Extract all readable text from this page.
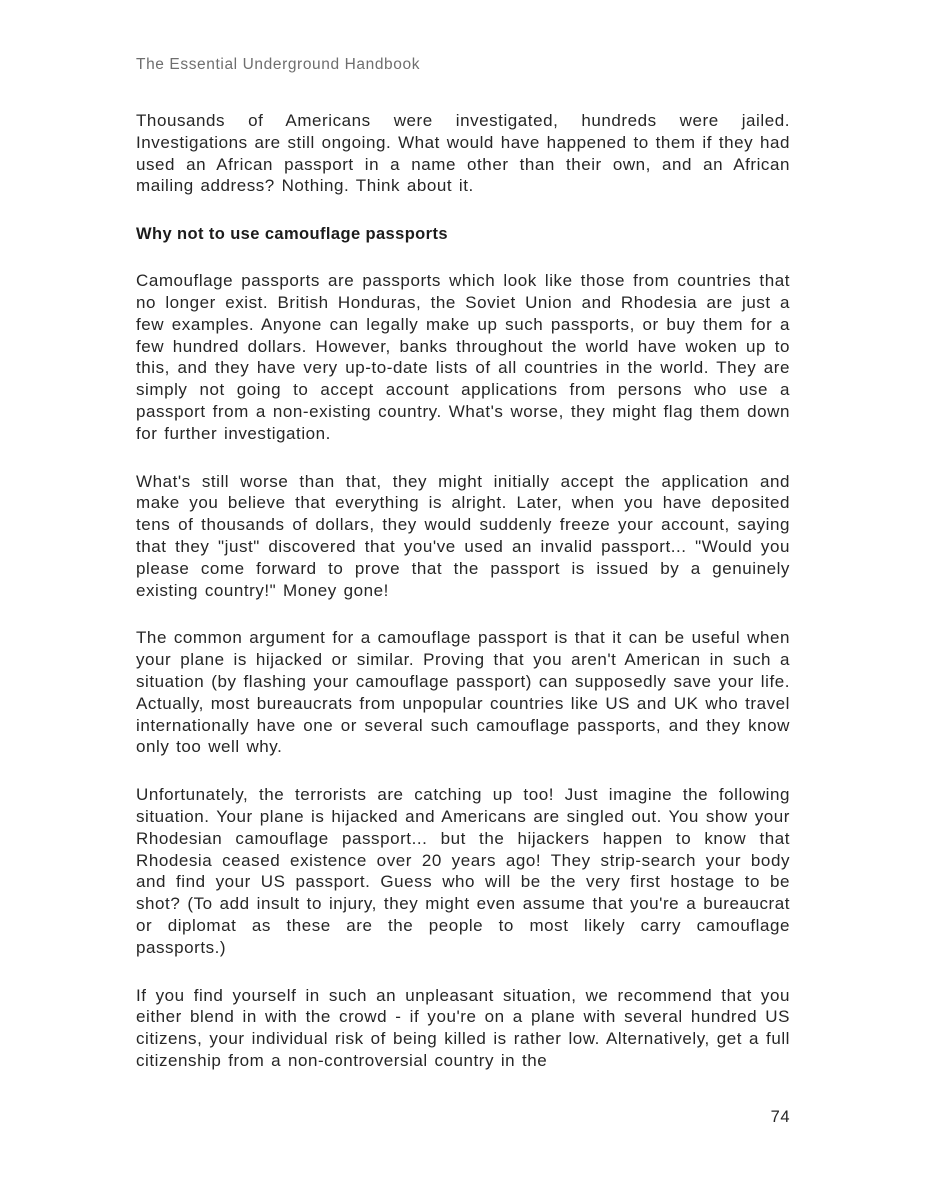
The Essential Underground Handbook

Thousands of Americans were investigated, hundreds were jailed. Investigations are still ongoing. What would have happened to them if they had used an African passport in a name other than their own, and an African mailing address? Nothing. Think about it.

Why not to use camouflage passports

Camouflage passports are passports which look like those from countries that no longer exist. British Honduras, the Soviet Union and Rhodesia are just a few examples. Anyone can legally make up such passports, or buy them for a few hundred dollars. However, banks throughout the world have woken up to this, and they have very up-to-date lists of all countries in the world. They are simply not going to accept account applications from persons who use a passport from a non-existing country. What's worse, they might flag them down for further investigation.

What's still worse than that, they might initially accept the application and make you believe that everything is alright. Later, when you have deposited tens of thousands of dollars, they would suddenly freeze your account, saying that they "just" discovered that you've used an invalid passport... "Would you please come forward to prove that the passport is issued by a genuinely existing country!" Money gone!

The common argument for a camouflage passport is that it can be useful when your plane is hijacked or similar. Proving that you aren't American in such a situation (by flashing your camouflage passport) can supposedly save your life. Actually, most bureaucrats from unpopular countries like US and UK who travel internationally have one or several such camouflage passports, and they know only too well why.

Unfortunately, the terrorists are catching up too! Just imagine the following situation. Your plane is hijacked and Americans are singled out. You show your Rhodesian camouflage passport... but the hijackers happen to know that Rhodesia ceased existence over 20 years ago! They strip-search your body and find your US passport. Guess who will be the very first hostage to be shot? (To add insult to injury, they might even assume that you're a bureaucrat or diplomat as these are the people to most likely carry camouflage passports.)

If you find yourself in such an unpleasant situation, we recommend that you either blend in with the crowd - if you're on a plane with several hundred US citizens, your individual risk of being killed is rather low. Alternatively, get a full citizenship from a non-controversial country in the

74
